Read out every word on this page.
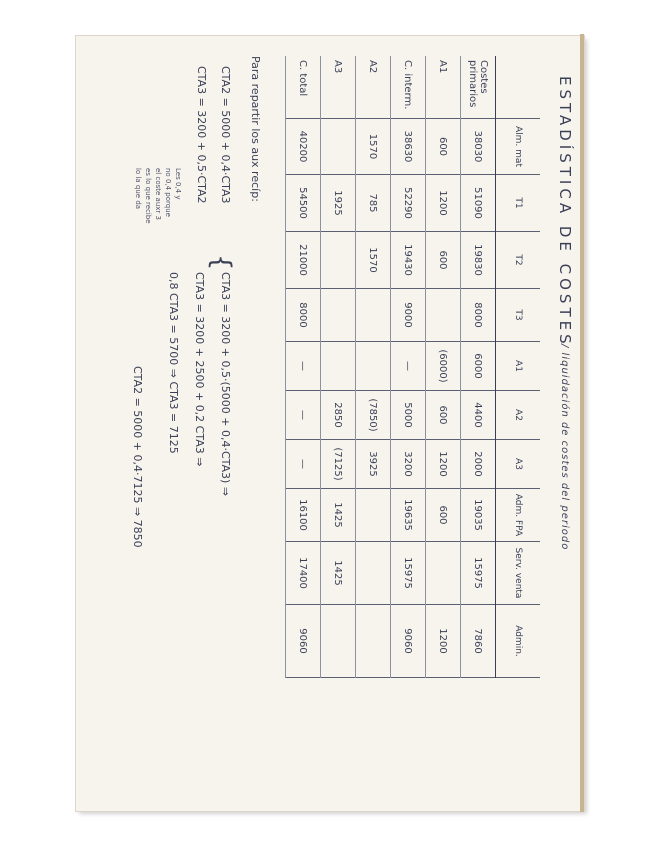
ESTADÍSTICA DE COSTES
/ liquidación de costes del periodo
	Alm. mat	T1	T2	T3	A1	A2	A3	Adm. FPA	Serv. venta	Admin.
Costes primarios	38030	51090	19830	8000	6000	4400	2000	19035	15975	7860
A1	600	1200	600		(6000)	600	1200	600		1200
C. interm.	38630	52290	19430	9000	—	5000	3200	19635	15975	9060
A2	1570	785	1570			(7850)	3925			
A3		1925				2850	(7125)	1425	1425	
C. total	40200	54500	21000	8000	—	—	—	16100	17400	9060
Para repartir los aux recíp:
CTA2 = 5000 + 0,4·CTA3
CTA3 = 3200 + 0,5·CTA2
{
Les 0,4 y
no 0,4 porque
el coste auxr 3
es lo que recibe
lo la que da
CTA3 = 3200 + 0,5·(5000 + 0,4·CTA3) ⇒
CTA3 = 3200 + 2500 + 0,2 CTA3 ⇒
0,8 CTA3 = 5700 ⇒ CTA3 = 7125
CTA2 = 5000 + 0,4·7125 ⇒ 7850
